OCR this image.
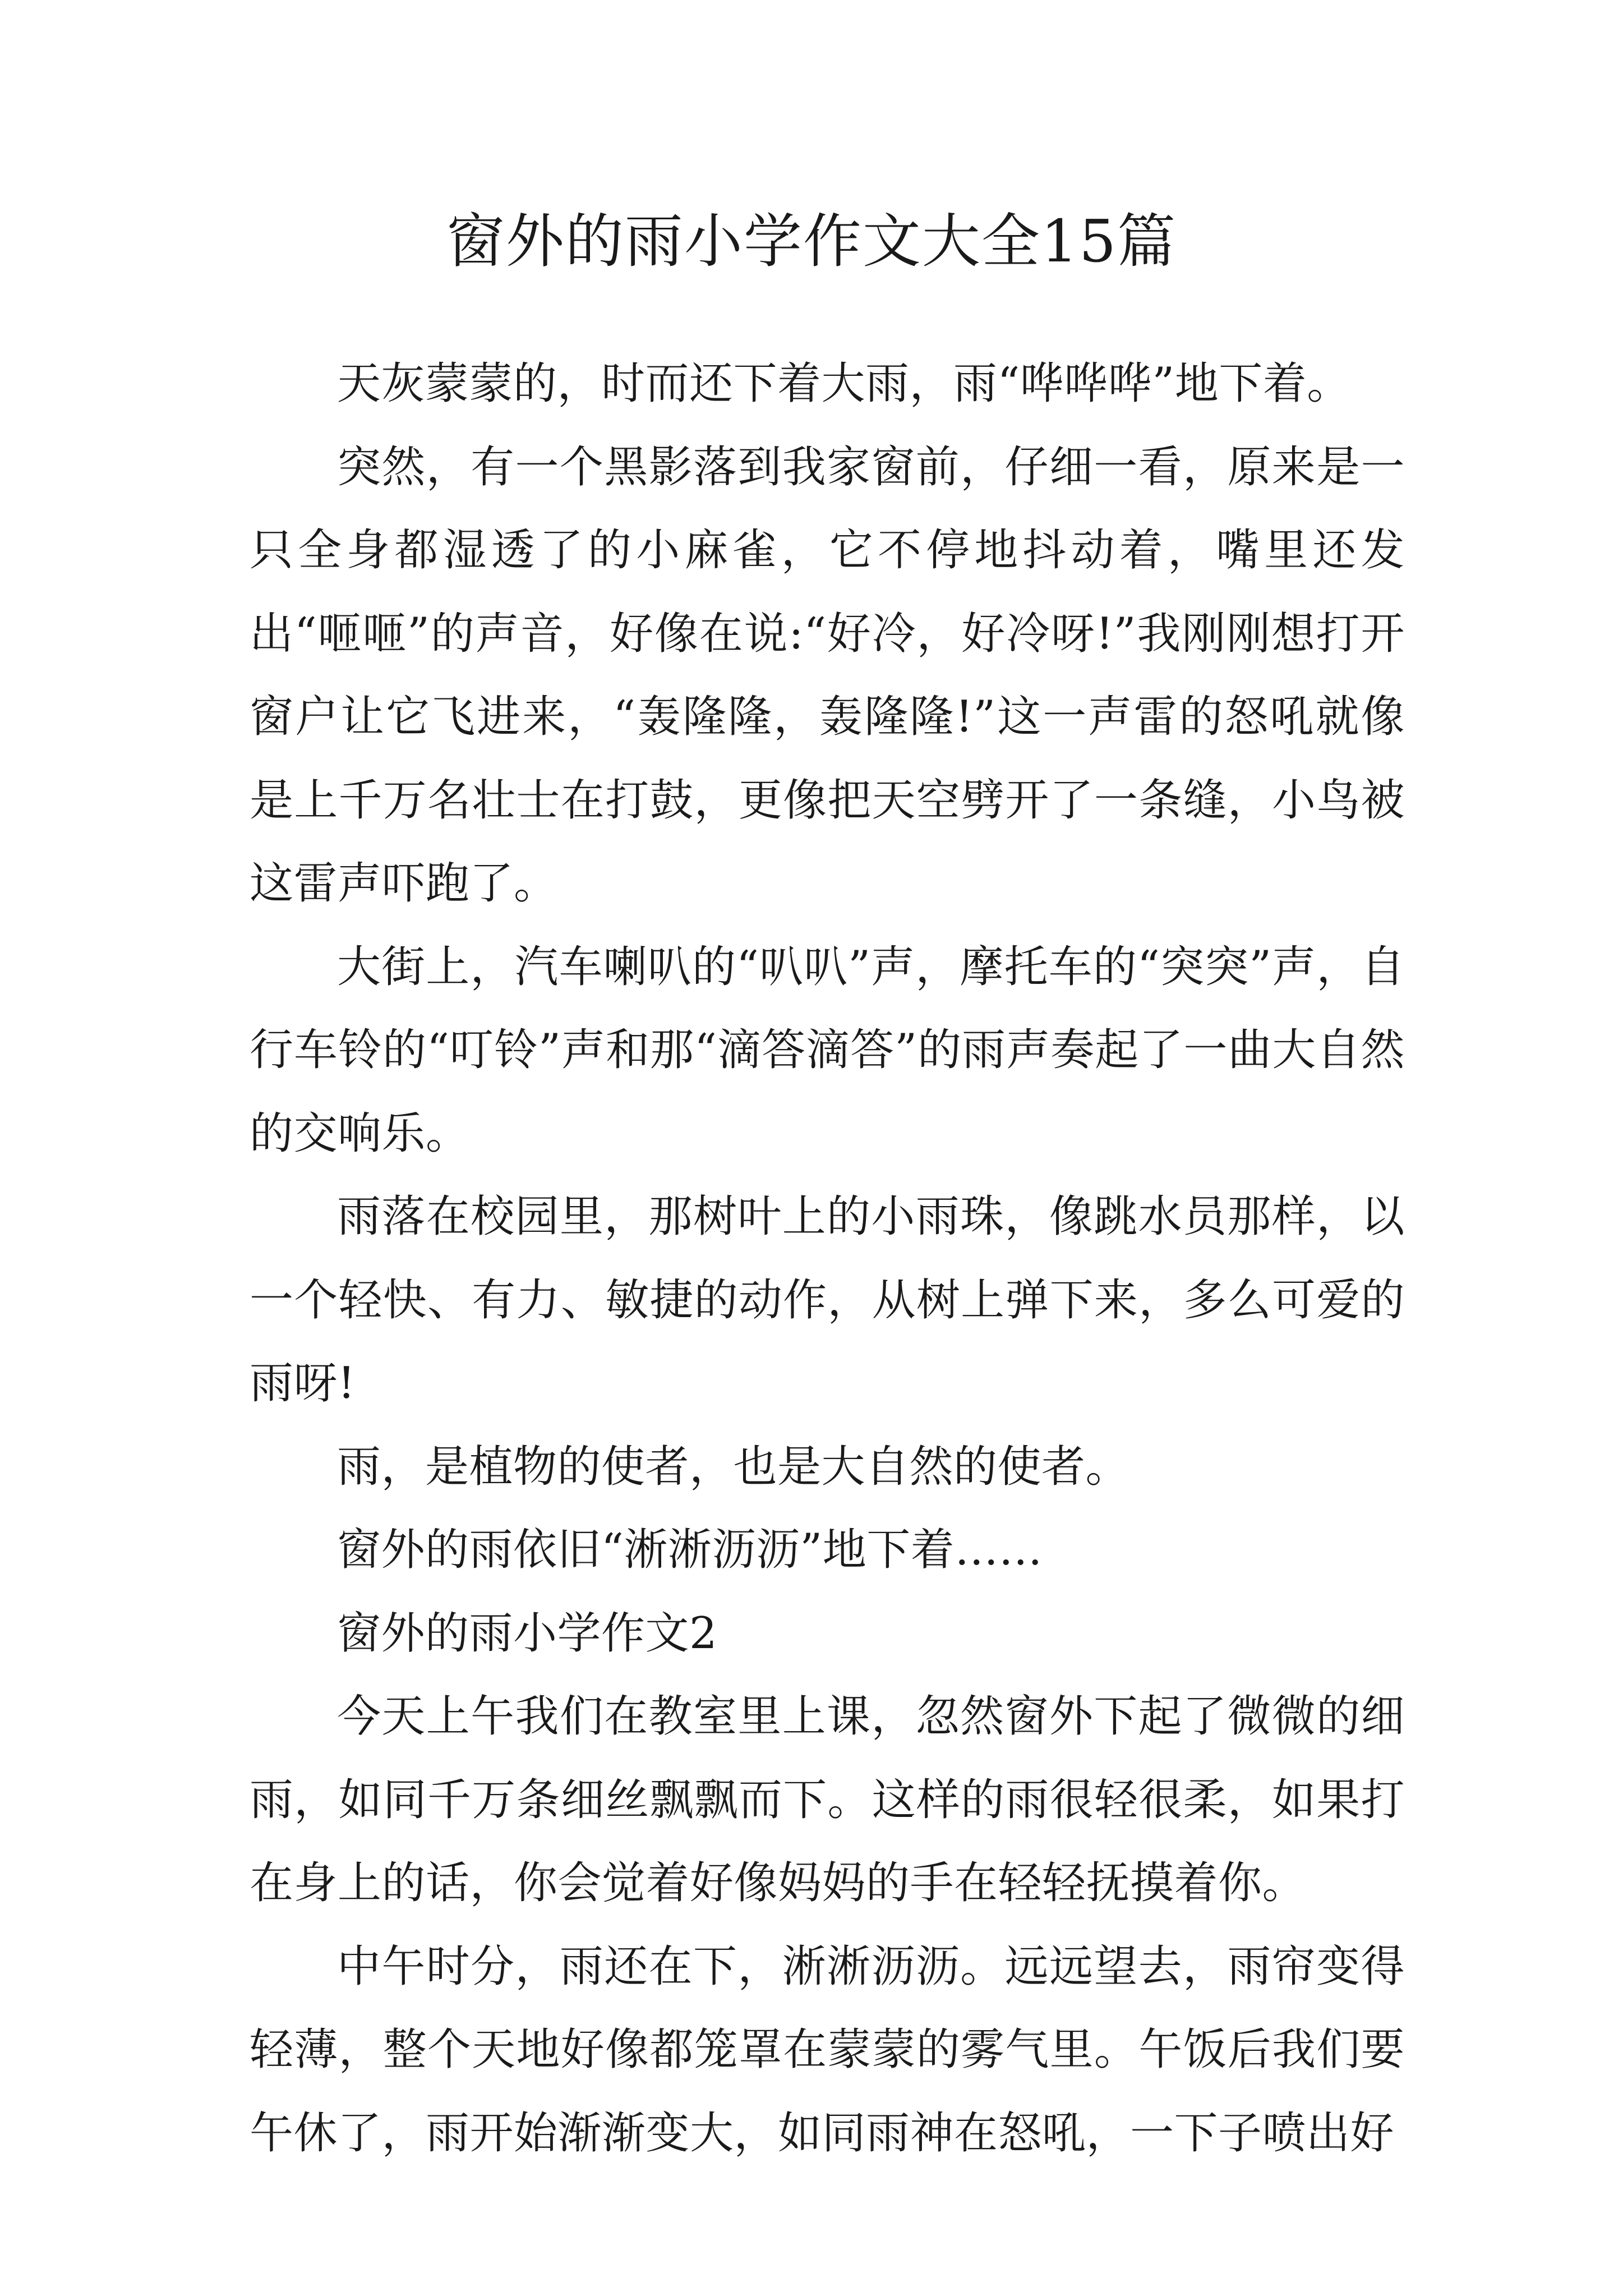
窗外的雨小学作文大全15篇

天灰蒙蒙的，时而还下着大雨，雨“哗哗哗”地下着。

突然，有一个黑影落到我家窗前，仔细一看，原来是一只全身都湿透了的小麻雀，它不停地抖动着，嘴里还发出“咂咂”的声音，好像在说:“好冷，好冷呀!”我刚刚想打开窗户让它飞进来，“轰隆隆，轰隆隆!”这一声雷的怒吼就像是上千万名壮士在打鼓，更像把天空劈开了一条缝，小鸟被这雷声吓跑了。

大街上，汽车喇叭的“叭叭”声，摩托车的“突突”声，自行车铃的“叮铃”声和那“滴答滴答”的雨声奏起了一曲大自然的交响乐。

雨落在校园里，那树叶上的小雨珠，像跳水员那样，以一个轻快、有力、敏捷的动作，从树上弹下来，多么可爱的雨呀!

雨，是植物的使者，也是大自然的使者。

窗外的雨依旧“淅淅沥沥”地下着……

窗外的雨小学作文2

今天上午我们在教室里上课，忽然窗外下起了微微的细雨，如同千万条细丝飘飘而下。这样的雨很轻很柔，如果打在身上的话，你会觉着好像妈妈的手在轻轻抚摸着你。

中午时分，雨还在下，淅淅沥沥。远远望去，雨帘变得轻薄，整个天地好像都笼罩在蒙蒙的雾气里。午饭后我们要午休了，雨开始渐渐变大，如同雨神在怒吼，一下子喷出好
